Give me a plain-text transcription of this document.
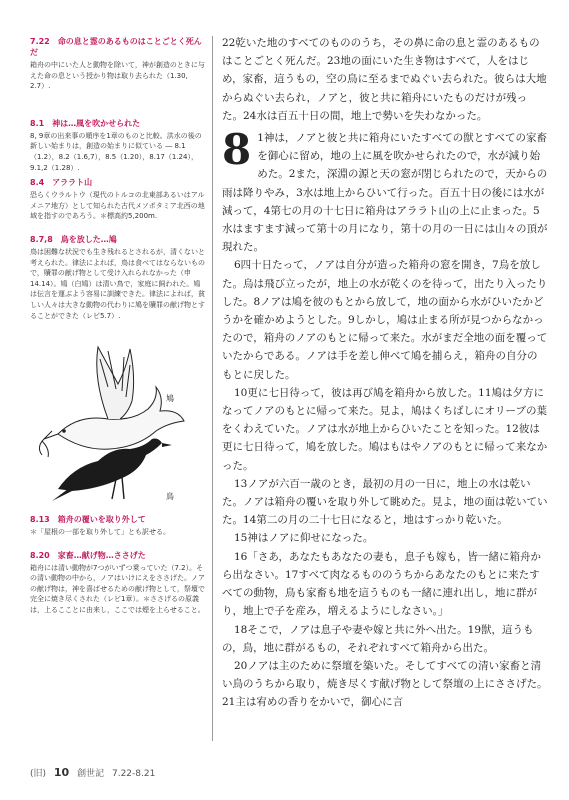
7.22　命の息と霊のあるものはことごとく死んだ

箱舟の中にいた人と動物を除いて，神が創造のときに与えた命の息という授かり物は取り去られた（1.30, 2.7）.

8.1　神は…風を吹かせられた

8, 9章の出来事の順序を1章のものと比較。洪水の後の新しい始まりは，創造の始まりに似ている ― 8.1（1.2），8.2（1.6,7），8.5（1.20），8.17（1.24），9.1,2（1.28）.

8.4　アララト山

恐らくウラルトウ（現代のトルコの北東部あるいはアルメニア地方）として知られた古代メソポタミア北西の地域を指すのであろう。＊標高約5,200m.

8.7,8　鳥を放した…鳩

鳥は困難な状況でも生き残れるとされるが，清くないと考えられた。律法によれば，鳥は食べてはならないもので，贖罪の献げ物として受け入れられなかった（申14.14）。鳩（白鳩）は清い鳥で，家庭に飼われた。鳩は伝言を運ぶよう容易に訓練できた。律法によれば，貧しい人々は大きな動物の代わりに鳩を贖罪の献げ物とすることができた（レビ5.7）.

鳩
鳥

8.13　箱舟の覆いを取り外して

＊「屋根の一部を取り外して」とも訳せる。

8.20　家畜…献げ物…ささげた

箱舟には清い動物が7つがいずつ乗っていた（7.2）。その清い動物の中から，ノアはいけにえをささげた。ノアの献げ物は，神を喜ばせるための献げ物として，祭壇で完全に焼き尽くされた（レビ1章）。＊ささげるの原義は，上るこことに由来し，ここでは煙を上らせること。

22乾いた地のすべてのもののうち，その鼻に命の息と霊のあるものはことごとく死んだ。23地の面にいた生き物はすべて，人をはじめ，家畜，這うもの，空の鳥に至るまでぬぐい去られた。彼らは大地からぬぐい去られ，ノアと，彼と共に箱舟にいたものだけが残った。24水は百五十日の間，地上で勢いを失わなかった。

8 1神は，ノアと彼と共に箱舟にいたすべての獣とすべての家畜を御心に留め，地の上に風を吹かせられたので，水が減り始めた。2また，深淵の源と天の窓が閉じられたので，天からの雨は降りやみ，3水は地上からひいて行った。百五十日の後には水が減って，4第七の月の十七日に箱舟はアララト山の上に止まった。5水はますます減って第十の月になり，第十の月の一日には山々の頂が現れた。

6四十日たって，ノアは自分が造った箱舟の窓を開き，7烏を放した。烏は飛び立ったが，地上の水が乾くのを待って，出たり入ったりした。8ノアは鳩を彼のもとから放して，地の面から水がひいたかどうかを確かめようとした。9しかし，鳩は止まる所が見つからなかったので，箱舟のノアのもとに帰って来た。水がまだ全地の面を覆っていたからである。ノアは手を差し伸べて鳩を捕らえ，箱舟の自分のもとに戻した。

10更に七日待って，彼は再び鳩を箱舟から放した。11鳩は夕方になってノアのもとに帰って来た。見よ，鳩はくちばしにオリーブの葉をくわえていた。ノアは水が地上からひいたことを知った。12彼は更に七日待って，鳩を放した。鳩はもはやノアのもとに帰って来なかった。

13ノアが六百一歳のとき，最初の月の一日に，地上の水は乾いた。ノアは箱舟の覆いを取り外して眺めた。見よ，地の面は乾いていた。14第二の月の二十七日になると，地はすっかり乾いた。

15神はノアに仰せになった。

16「さあ，あなたもあなたの妻も，息子も嫁も，皆一緒に箱舟から出なさい。17すべて肉なるもののうちからあなたのもとに来たすべての動物，鳥も家畜も地を這うものも一緒に連れ出し，地に群がり，地上で子を産み，増えるようにしなさい。」

18そこで，ノアは息子や妻や嫁と共に外へ出た。19獣，這うもの，鳥，地に群がるもの，それぞれすべて箱舟から出た。

20ノアは主のために祭壇を築いた。そしてすべての清い家畜と清い鳥のうちから取り，焼き尽くす献げ物として祭壇の上にささげた。21主は宥めの香りをかいで，御心に言

(旧) 10 創世記 7.22-8.21
